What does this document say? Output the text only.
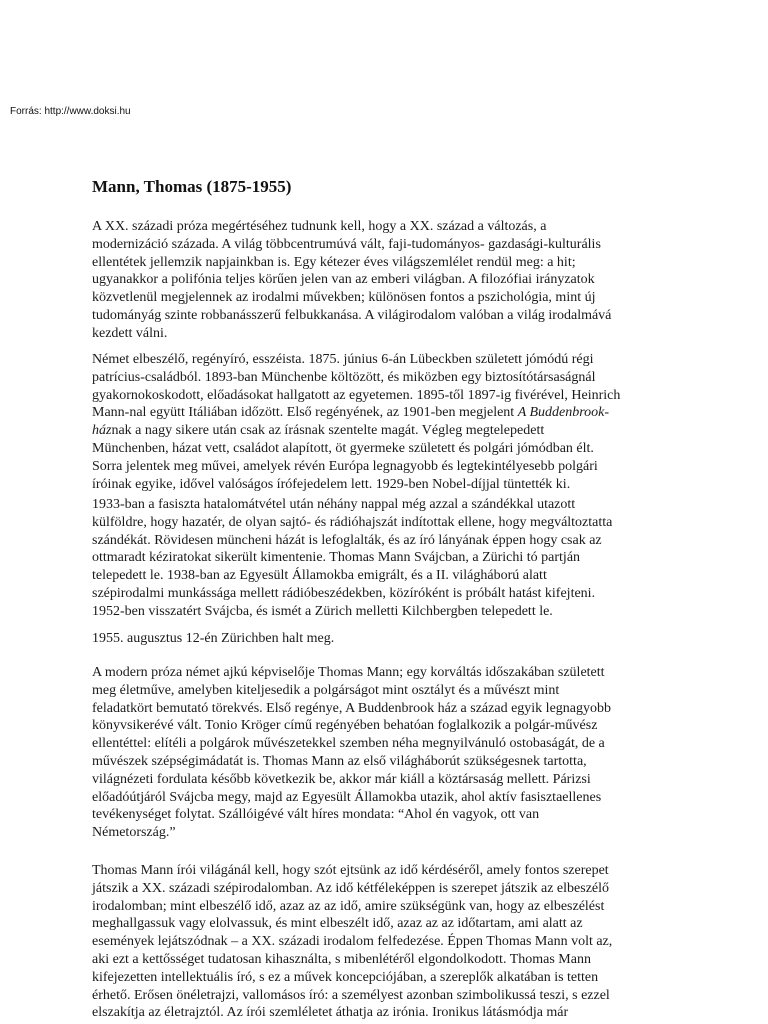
Forrás: http://www.doksi.hu
Mann, Thomas (1875-1955)

A XX. századi próza megértéséhez tudnunk kell, hogy a XX. század a változás, a
modernizáció százada. A világ többcentrumúvá vált, faji-tudományos- gazdasági-kulturális
ellentétek jellemzik napjainkban is. Egy kétezer éves világszemlélet rendül meg: a hit;
ugyanakkor a polifónia teljes körűen jelen van az emberi világban. A filozófiai irányzatok
közvetlenül megjelennek az irodalmi művekben; különösen fontos a pszichológia, mint új
tudományág szinte robbanásszerű felbukkanása. A világirodalom valóban a világ irodalmává
kezdett válni.

Német elbeszélő, regényíró, esszéista. 1875. június 6-án Lübeckben született jómódú régi
patrícius-családból. 1893-ban Münchenbe költözött, és miközben egy biztosítótársaságnál
gyakornokoskodott, előadásokat hallgatott az egyetemen. 1895-től 1897-ig fivérével, Heinrich
Mann-nal együtt Itáliában időzött. Első regényének, az 1901-ben megjelent A Buddenbrook-
háznak a nagy sikere után csak az írásnak szentelte magát. Végleg megtelepedett
Münchenben, házat vett, családot alapított, öt gyermeke született és polgári jómódban élt.
Sorra jelentek meg művei, amelyek révén Európa legnagyobb és legtekintélyesebb polgári
íróinak egyike, idővel valóságos írófejedelem lett. 1929-ben Nobel-díjjal tüntették ki.

1933-ban a fasiszta hatalomátvétel után néhány nappal még azzal a szándékkal utazott
külföldre, hogy hazatér, de olyan sajtó- és rádióhajszát indítottak ellene, hogy megváltoztatta
szándékát. Rövidesen müncheni házát is lefoglalták, és az író lányának éppen hogy csak az
ottmaradt kéziratokat sikerült kimentenie. Thomas Mann Svájcban, a Zürichi tó partján
telepedett le. 1938-ban az Egyesült Államokba emigrált, és a II. világháború alatt
szépirodalmi munkássága mellett rádióbeszédekben, közíróként is próbált hatást kifejteni.
1952-ben visszatért Svájcba, és ismét a Zürich melletti Kilchbergben telepedett le.

1955. augusztus 12-én Zürichben halt meg.

A modern próza német ajkú képviselője Thomas Mann; egy korváltás időszakában született
meg életműve, amelyben kiteljesedik a polgárságot mint osztályt és a művészt mint
feladatkört bemutató törekvés. Első regénye, A Buddenbrook ház a század egyik legnagyobb
könyvsikerévé vált. Tonio Kröger című regényében behatóan foglalkozik a polgár-művész
ellentéttel: elítéli a polgárok művészetekkel szemben néha megnyilvánuló ostobaságát, de a
művészek szépségimádatát is. Thomas Mann az első világháborút szükségesnek tartotta,
világnézeti fordulata később következik be, akkor már kiáll a köztársaság mellett. Párizsi
előadóútjáról Svájcba megy, majd az Egyesült Államokba utazik, ahol aktív fasisztaellenes
tevékenységet folytat. Szállóigévé vált híres mondata: “Ahol én vagyok, ott van
Németország.”

Thomas Mann írói világánál kell, hogy szót ejtsünk az idő kérdéséről, amely fontos szerepet
játszik a XX. századi szépirodalomban. Az idő kétféleképpen is szerepet játszik az elbeszélő
irodalomban; mint elbeszélő idő, azaz az az idő, amire szükségünk van, hogy az elbeszélést
meghallgassuk vagy elolvassuk, és mint elbeszélt idő, azaz az az időtartam, ami alatt az
események lejátszódnak – a XX. századi irodalom felfedezése. Éppen Thomas Mann volt az,
aki ezt a kettősséget tudatosan kihasználta, s mibenlétéről elgondolkodott. Thomas Mann
kifejezetten intellektuális író, s ez a művek koncepciójában, a szereplők alkatában is tetten
érhető. Erősen önéletrajzi, vallomásos író: a személyest azonban szimbolikussá teszi, s ezzel
elszakítja az életrajztól. Az írói szemléletet áthatja az irónia. Ironikus látásmódja már
